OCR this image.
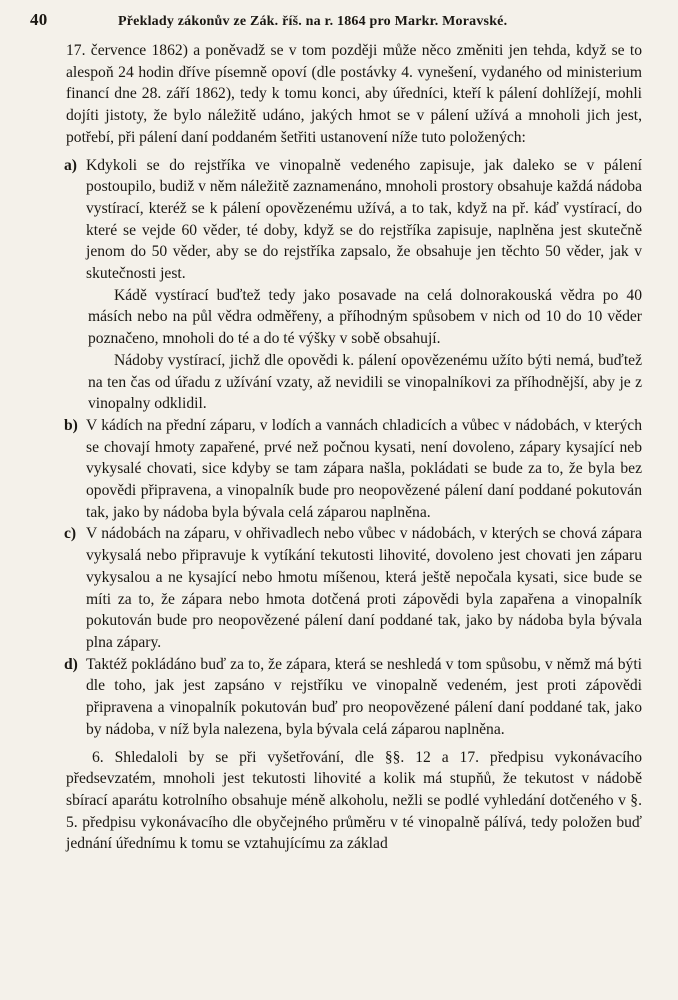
40	Překlady zákonův ze Zák. říš. na r. 1864 pro Markr. Moravské.

17. července 1862) a poněvadž se v tom později může něco změniti jen tehda, když se to alespoň 24 hodin dříve písemně opoví (dle postávky 4. vynešení, vydaného od ministerium financí dne 28. září 1862), tedy k tomu konci, aby úředníci, kteří k pálení dohlížejí, mohli dojíti jistoty, že bylo náležitě udáno, jakých hmot se v pálení užívá a mnoholi jich jest, potřebí, při pálení daní poddaném šetřiti ustanovení níže tuto položených:

a) Kdykoli se do rejstříka ve vinopalně vedeného zapisuje, jak daleko se v pálení postoupilo, budiž v něm náležitě zaznamenáno, mnoholi prostory obsahuje každá nádoba vystírací, kteréž se k pálení opovězenému užívá, a to tak, když na př. káď vystírací, do které se vejde 60 věder, té doby, když se do rejstříka zapisuje, naplněna jest skutečně jenom do 50 věder, aby se do rejstříka zapsalo, že obsahuje jen těchto 50 věder, jak v skutečnosti jest.

Kádě vystírací buďtež tedy jako posavade na celá dolnorakouská vědra po 40 másích nebo na půl vědra odměřeny, a příhodným spůsobem v nich od 10 do 10 věder poznačeno, mnoholi do té a do té výšky v sobě obsahují.

Nádoby vystírací, jichž dle opovědi k. pálení opovězenému užíto býti nemá, buďtež na ten čas od úřadu z užívání vzaty, až nevidili se vinopalníkovi za příhodnější, aby je z vinopalny odklidil.

b) V kádích na přední záparu, v lodích a vannách chladicích a vůbec v nádobách, v kterých se chovají hmoty zapařené, prvé než počnou kysati, není dovoleno, zápary kysající neb vykysalé chovati, sice kdyby se tam zápara našla, pokládati se bude za to, že byla bez opovědi připravena, a vinopalník bude pro neopovězené pálení daní poddané pokutován tak, jako by nádoba byla bývala celá záparou naplněna.
c) V nádobách na záparu, v ohřivadlech nebo vůbec v nádobách, v kterých se chová zápara vykysalá nebo připravuje k vytíkání tekutosti lihovité, dovoleno jest chovati jen záparu vykysalou a ne kysající nebo hmotu míšenou, která ještě nepočala kysati, sice bude se míti za to, že zápara nebo hmota dotčená proti zápovědi byla zapařena a vinopalník pokutován bude pro neopovězené pálení daní poddané tak, jako by nádoba byla bývala plna zápary.
d) Taktéž pokládáno buď za to, že zápara, která se neshledá v tom spůsobu, v němž má býti dle toho, jak jest zapsáno v rejstříku ve vinopalně vedeném, jest proti zápovědi připravena a vinopalník pokutován buď pro neopovězené pálení daní poddané tak, jako by nádoba, v níž byla nalezena, byla bývala celá záparou naplněna.

6. Shledaloli by se při vyšetřování, dle §§. 12 a 17. předpisu vykonávacího předsevzatém, mnoholi jest tekutosti lihovité a kolik má stupňů, že tekutost v nádobě sbírací aparátu kotrolního obsahuje méně alkoholu, nežli se podlé vyhledání dotčeného v §. 5. předpisu vykonávacího dle obyčejného průměru v té vinopalně pálívá, tedy položen buď jednání úřednímu k tomu se vztahujícímu za základ
